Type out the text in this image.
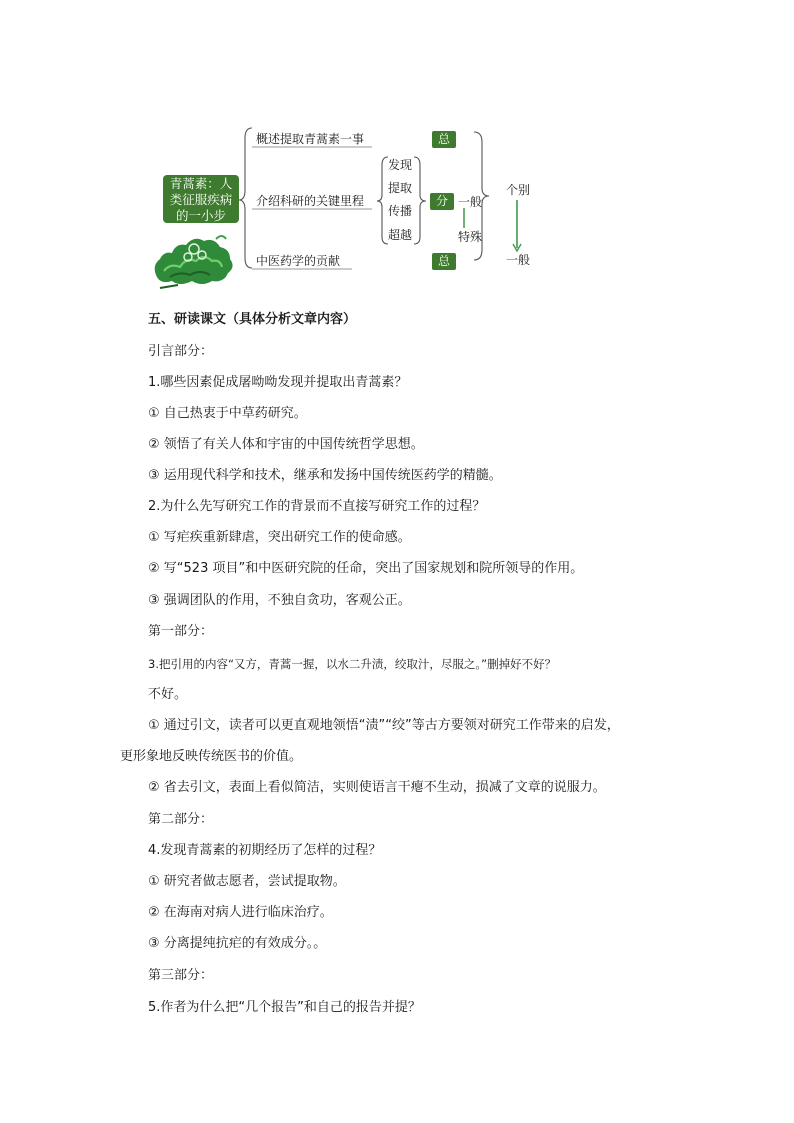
青蒿素：人
类征服疾病
的一小步
概述提取青蒿素一事
介绍科研的关键里程
中医药学的贡献
发现
提取
传播
超越
总
分
总
一般
特殊
个别
一般
五、研读课文（具体分析文章内容）
引言部分：
1.哪些因素促成屠呦呦发现并提取出青蒿素？
① 自己热衷于中草药研究。
② 领悟了有关人体和宇宙的中国传统哲学思想。
③ 运用现代科学和技术，继承和发扬中国传统医药学的精髓。
2.为什么先写研究工作的背景而不直接写研究工作的过程？
① 写疟疾重新肆虐，突出研究工作的使命感。
② 写“523 项目”和中医研究院的任命，突出了国家规划和院所领导的作用。
③ 强调团队的作用，不独自贪功，客观公正。
第一部分：
3.把引用的内容“又方，青蒿一握，以水二升渍，绞取汁，尽服之。”删掉好不好？
不好。
① 通过引文，读者可以更直观地领悟“渍”“绞”等古方要领对研究工作带来的启发，
更形象地反映传统医书的价值。
② 省去引文，表面上看似简洁，实则使语言干瘪不生动，损减了文章的说服力。
第二部分：
4.发现青蒿素的初期经历了怎样的过程？
① 研究者做志愿者，尝试提取物。
② 在海南对病人进行临床治疗。
③ 分离提纯抗疟的有效成分。。
第三部分：
5.作者为什么把“几个报告”和自己的报告并提？
